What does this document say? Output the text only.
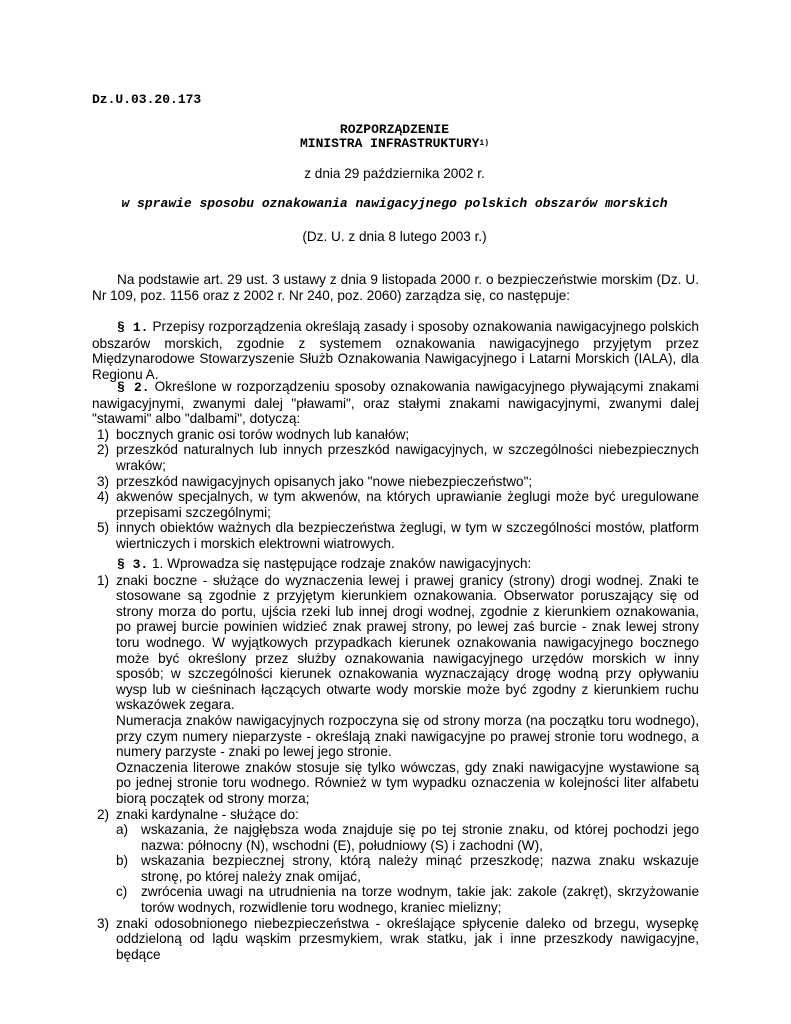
Dz.U.03.20.173
ROZPORZĄDZENIE
MINISTRA INFRASTRUKTURY$^{1)}$
z dnia 29 października 2002 r.
w sprawie sposobu oznakowania nawigacyjnego polskich obszarów morskich
(Dz. U. z dnia 8 lutego 2003 r.)

Na podstawie art. 29 ust. 3 ustawy z dnia 9 listopada 2000 r. o bezpieczeństwie morskim (Dz. U. Nr 109, poz. 1156 oraz z 2002 r. Nr 240, poz. 2060) zarządza się, co następuje:

§ 1. Przepisy rozporządzenia określają zasady i sposoby oznakowania nawigacyjnego polskich obszarów morskich, zgodnie z systemem oznakowania nawigacyjnego przyjętym przez Międzynarodowe Stowarzyszenie Służb Oznakowania Nawigacyjnego i Latarni Morskich (IALA), dla Regionu A.

§ 2. Określone w rozporządzeniu sposoby oznakowania nawigacyjnego pływającymi znakami nawigacyjnymi, zwanymi dalej "pławami", oraz stałymi znakami nawigacyjnymi, zwanymi dalej "stawami" albo "dalbami", dotyczą:

1) bocznych granic osi torów wodnych lub kanałów;
2) przeszkód naturalnych lub innych przeszkód nawigacyjnych, w szczególności niebezpiecznych wraków;
3) przeszkód nawigacyjnych opisanych jako "nowe niebezpieczeństwo";
4) akwenów specjalnych, w tym akwenów, na których uprawianie żeglugi może być uregulowane przepisami szczególnymi;
5) innych obiektów ważnych dla bezpieczeństwa żeglugi, w tym w szczególności mostów, platform wiertniczych i morskich elektrowni wiatrowych.

§ 3. 1. Wprowadza się następujące rodzaje znaków nawigacyjnych:

1) znaki boczne - służące do wyznaczenia lewej i prawej granicy (strony) drogi wodnej. Znaki te stosowane są zgodnie z przyjętym kierunkiem oznakowania. Obserwator poruszający się od strony morza do portu, ujścia rzeki lub innej drogi wodnej, zgodnie z kierunkiem oznakowania, po prawej burcie powinien widzieć znak prawej strony, po lewej zaś burcie - znak lewej strony toru wodnego. W wyjątkowych przypadkach kierunek oznakowania nawigacyjnego bocznego może być określony przez służby oznakowania nawigacyjnego urzędów morskich w inny sposób; w szczególności kierunek oznakowania wyznaczający drogę wodną przy opływaniu wysp lub w cieśninach łączących otwarte wody morskie może być zgodny z kierunkiem ruchu wskazówek zegara.
Numeracja znaków nawigacyjnych rozpoczyna się od strony morza (na początku toru wodnego), przy czym numery nieparzyste - określają znaki nawigacyjne po prawej stronie toru wodnego, a numery parzyste - znaki po lewej jego stronie.
Oznaczenia literowe znaków stosuje się tylko wówczas, gdy znaki nawigacyjne wystawione są po jednej stronie toru wodnego. Również w tym wypadku oznaczenia w kolejności liter alfabetu biorą początek od strony morza;
2) znaki kardynalne - służące do:
a) wskazania, że najgłębsza woda znajduje się po tej stronie znaku, od której pochodzi jego nazwa: północny (N), wschodni (E), południowy (S) i zachodni (W),
b) wskazania bezpiecznej strony, którą należy minąć przeszkodę; nazwa znaku wskazuje stronę, po której należy znak omijać,
c) zwrócenia uwagi na utrudnienia na torze wodnym, takie jak: zakole (zakręt), skrzyżowanie torów wodnych, rozwidlenie toru wodnego, kraniec mielizny;
3) znaki odosobnionego niebezpieczeństwa - określające spłycenie daleko od brzegu, wysepkę oddzieloną od lądu wąskim przesmykiem, wrak statku, jak i inne przeszkody nawigacyjne, będące
